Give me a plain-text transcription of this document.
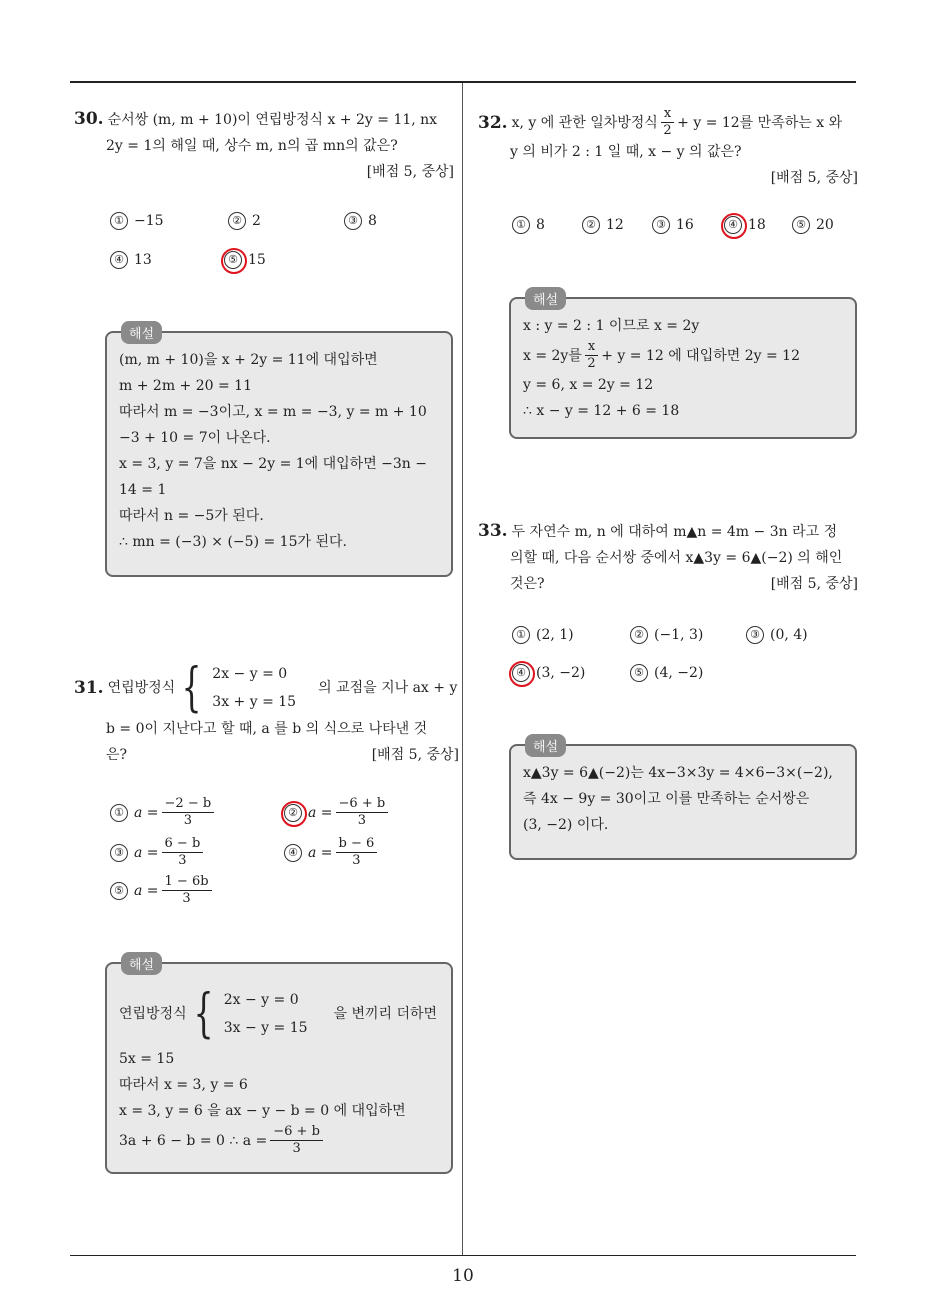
10
30. 순서쌍 (m, m + 10)이 연립방정식 x + 2y = 11, nx
2y = 1의 해일 때, 상수 m, n의 곱 mn의 값은?
[배점 5, 중상]
① −15	② 2	③ 8
④ 13	⑤ 15
해설
(m, m + 10)을 x + 2y = 11에 대입하면
m + 2m + 20 = 11
따라서 m = −3이고, x = m = −3, y = m + 10
−3 + 10 = 7이 나온다.
x = 3, y = 7을 nx − 2y = 1에 대입하면 −3n −
14 = 1
따라서 n = −5가 된다.
∴ mn = (−3) × (−5) = 15가 된다.
31. 연립방정식 { 2x − y = 0
3x + y = 15
의 교점을 지나 ax + y
b = 0이 지난다고 할 때, a 를 b 의 식으로 나타낸 것
은?	[배점 5, 중상]
① $a = \frac{-2 - b}{3}$	② $a = \frac{-6 + b}{3}$
③ $a = \frac{6 - b}{3}$	④ $a = \frac{b - 6}{3}$
⑤ $a = \frac{1 - 6b}{3}$
해설
연립방정식 { 2x − y = 0
3x − y = 15
을 변끼리 더하면
5x = 15
따라서 x = 3, y = 6
x = 3, y = 6 을 ax − y − b = 0 에 대입하면
3a + 6 − b = 0 ∴ $a = \frac{-6 + b}{3}$
32. x, y 에 관한 일차방정식 $\frac{x}{2} + y = 12$를 만족하는 x 와
y 의 비가 2 : 1 일 때, x − y 의 값은?
[배점 5, 중상]
① 8	② 12	③ 16	④ 18	⑤ 20
해설
x : y = 2 : 1 이므로 x = 2y
x = 2y를 $\frac{x}{2} + y = 12$ 에 대입하면 2y = 12
y = 6, x = 2y = 12
∴ x − y = 12 + 6 = 18
33. 두 자연수 m, n 에 대하여 m▲n = 4m − 3n 라고 정
의할 때, 다음 순서쌍 중에서 x▲3y = 6▲(−2) 의 해인
것은?	[배점 5, 중상]
① (2, 1)	② (−1, 3)	③ (0, 4)
④ (3, −2)	⑤ (4, −2)
해설
x▲3y = 6▲(−2)는 4x−3×3y = 4×6−3×(−2),
즉 4x − 9y = 30이고 이를 만족하는 순서쌍은
(3, −2) 이다.
